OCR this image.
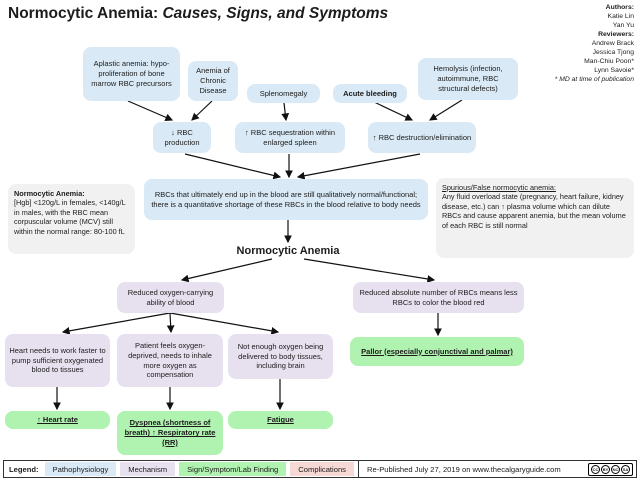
Normocytic Anemia: Causes, Signs, and Symptoms	Authors:
Katie Lin
Yan Yu
Reviewers:
Andrew Brack
Jessica Tjong
Man-Chiu Poon*
Lynn Savoie*
* MD at time of publication
Aplastic anemia: hypo-proliferation of bone marrow RBC precursors
Anemia of Chronic Disease	Splenomegaly	Acute bleeding
Hemolysis (infection, autoimmune, RBC structural defects)
↓ RBC production
↑ RBC sequestration within enlarged spleen
↑ RBC destruction/elimination
Normocytic Anemia:
[Hgb] <120g/L in females, <140g/L in males, with the RBC mean corpuscular volume (MCV) still within the normal range: 80-100 fL
RBCs that ultimately end up in the blood are still qualitatively normal/functional; there is a quantitative shortage of these RBCs in the blood relative to body needs
Spurious/False normocytic anemia:
Any fluid overload state (pregnancy, heart failure, kidney disease, etc.) can ↑ plasma volume which can dilute RBCs and cause apparent anemia, but the mean volume of each RBC is still normal
Normocytic Anemia
Reduced oxygen-carrying ability of blood
Reduced absolute number of RBCs means less RBCs to color the blood red
Heart needs to work faster to pump sufficient oxygenated blood to tissues
Patient feels oxygen-deprived, needs to inhale more oxygen as compensation
Not enough oxygen being delivered to body tissues, including brain
Pallor (especially conjunctival and palmar)
↑ Heart rate	Dyspnea (shortness of breath) ↑ Respiratory rate (RR)
Fatigue
Legend:	Pathophysiology	Mechanism	Sign/Symptom/Lab Finding	Complications	Re-Published July 27, 2019 on www.thecalgaryguide.com	CC	BY	NC	SA
